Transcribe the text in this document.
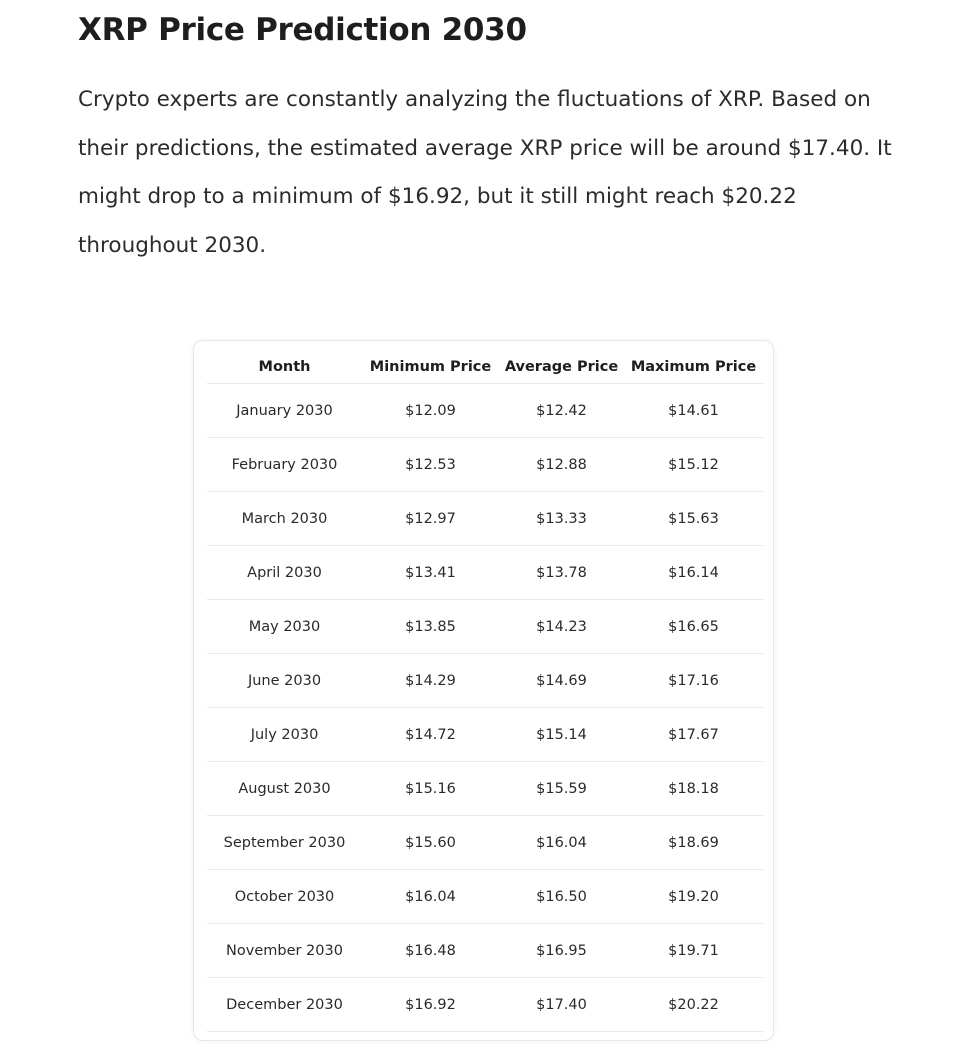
XRP Price Prediction 2030

Crypto experts are constantly analyzing the fluctuations of XRP. Based on their predictions, the estimated average XRP price will be around $17.40. It might drop to a minimum of $16.92, but it still might reach $20.22 throughout 2030.

Month	Minimum Price	Average Price	Maximum Price
January 2030	$12.09	$12.42	$14.61
February 2030	$12.53	$12.88	$15.12
March 2030	$12.97	$13.33	$15.63
April 2030	$13.41	$13.78	$16.14
May 2030	$13.85	$14.23	$16.65
June 2030	$14.29	$14.69	$17.16
July 2030	$14.72	$15.14	$17.67
August 2030	$15.16	$15.59	$18.18
September 2030	$15.60	$16.04	$18.69
October 2030	$16.04	$16.50	$19.20
November 2030	$16.48	$16.95	$19.71
December 2030	$16.92	$17.40	$20.22
